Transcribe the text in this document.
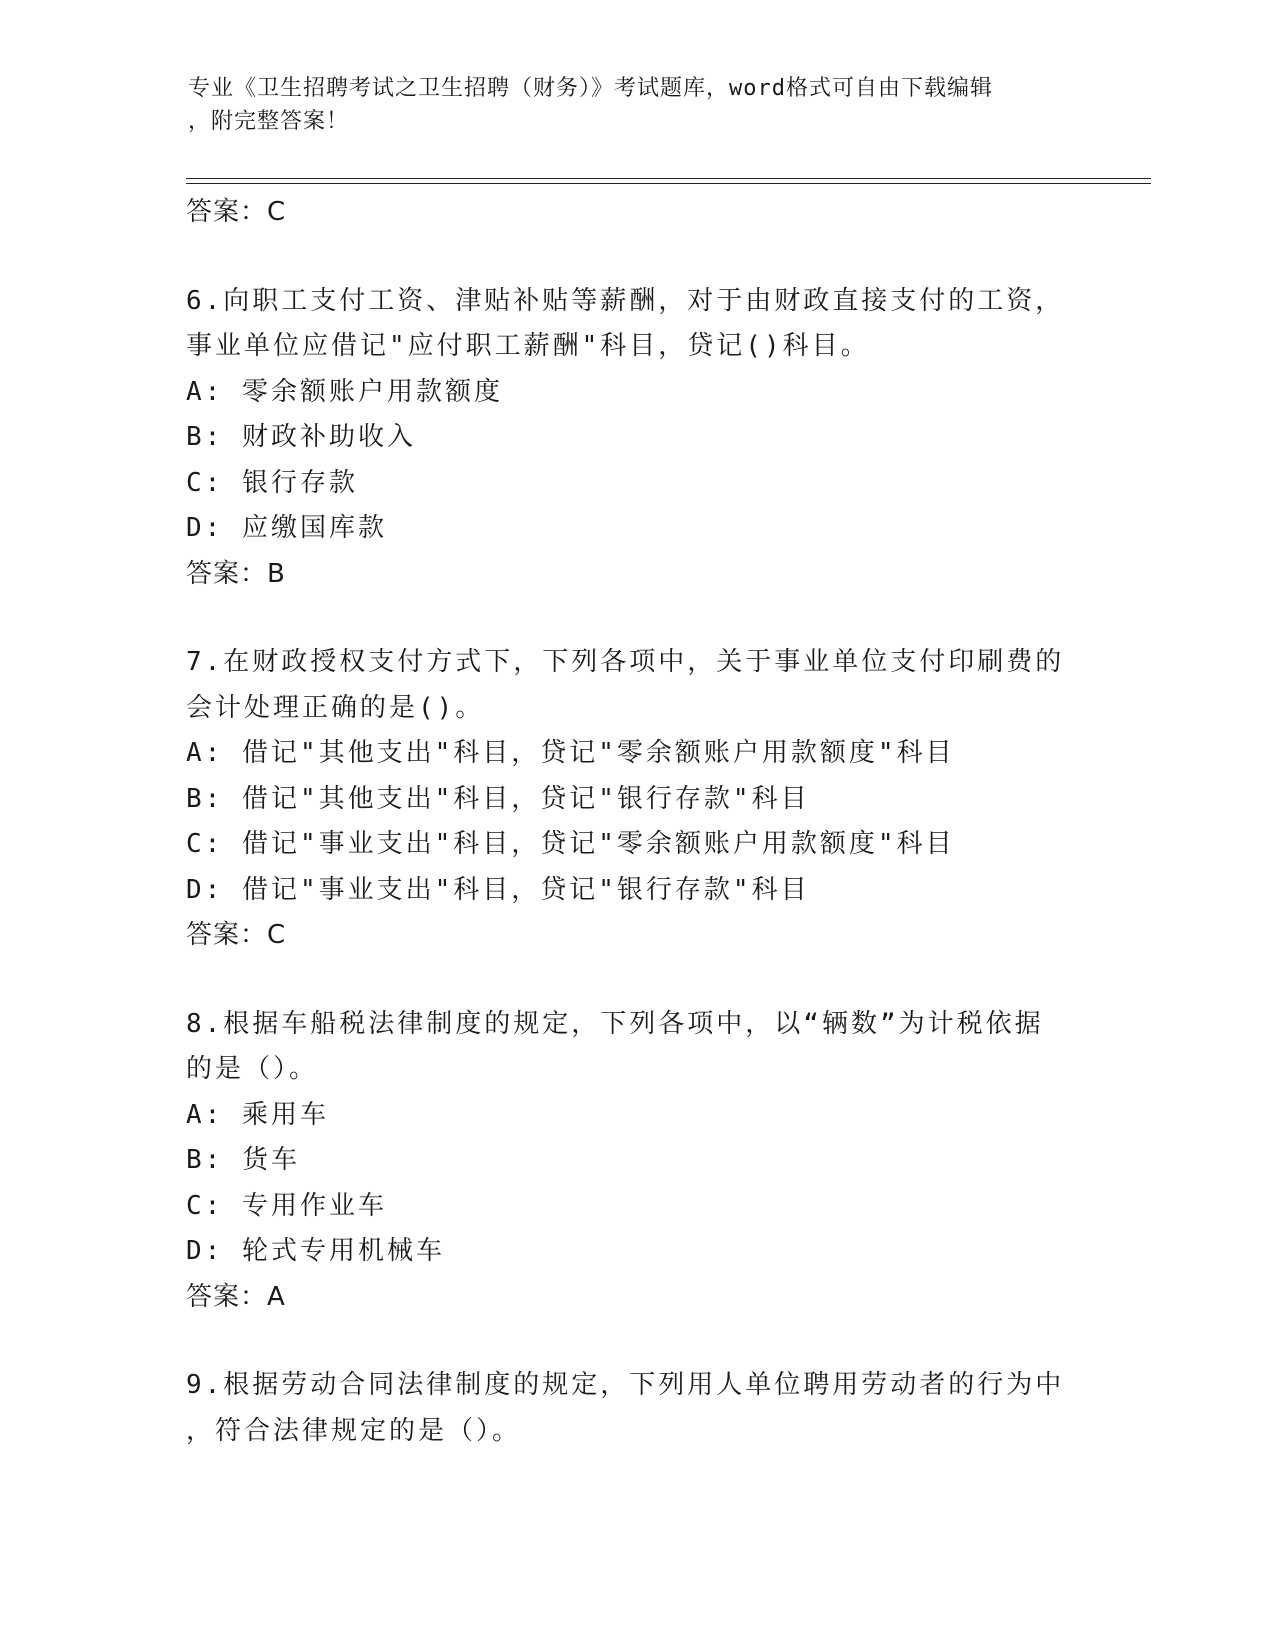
专业《卫生招聘考试之卫生招聘（财务）》考试题库，word格式可自由下载编辑
，附完整答案！
答案：C
6.向职工支付工资、津贴补贴等薪酬，对于由财政直接支付的工资，
事业单位应借记"应付职工薪酬"科目，贷记()科目。
A: 零余额账户用款额度
B: 财政补助收入
C: 银行存款
D: 应缴国库款
答案：B
7.在财政授权支付方式下，下列各项中，关于事业单位支付印刷费的
会计处理正确的是()。
A: 借记"其他支出"科目，贷记"零余额账户用款额度"科目
B: 借记"其他支出"科目，贷记"银行存款"科目
C: 借记"事业支出"科目，贷记"零余额账户用款额度"科目
D: 借记"事业支出"科目，贷记"银行存款"科目
答案：C
8.根据车船税法律制度的规定，下列各项中，以“辆数”为计税依据
的是（）。
A: 乘用车
B: 货车
C: 专用作业车
D: 轮式专用机械车
答案：A
9.根据劳动合同法律制度的规定，下列用人单位聘用劳动者的行为中
，符合法律规定的是（）。
